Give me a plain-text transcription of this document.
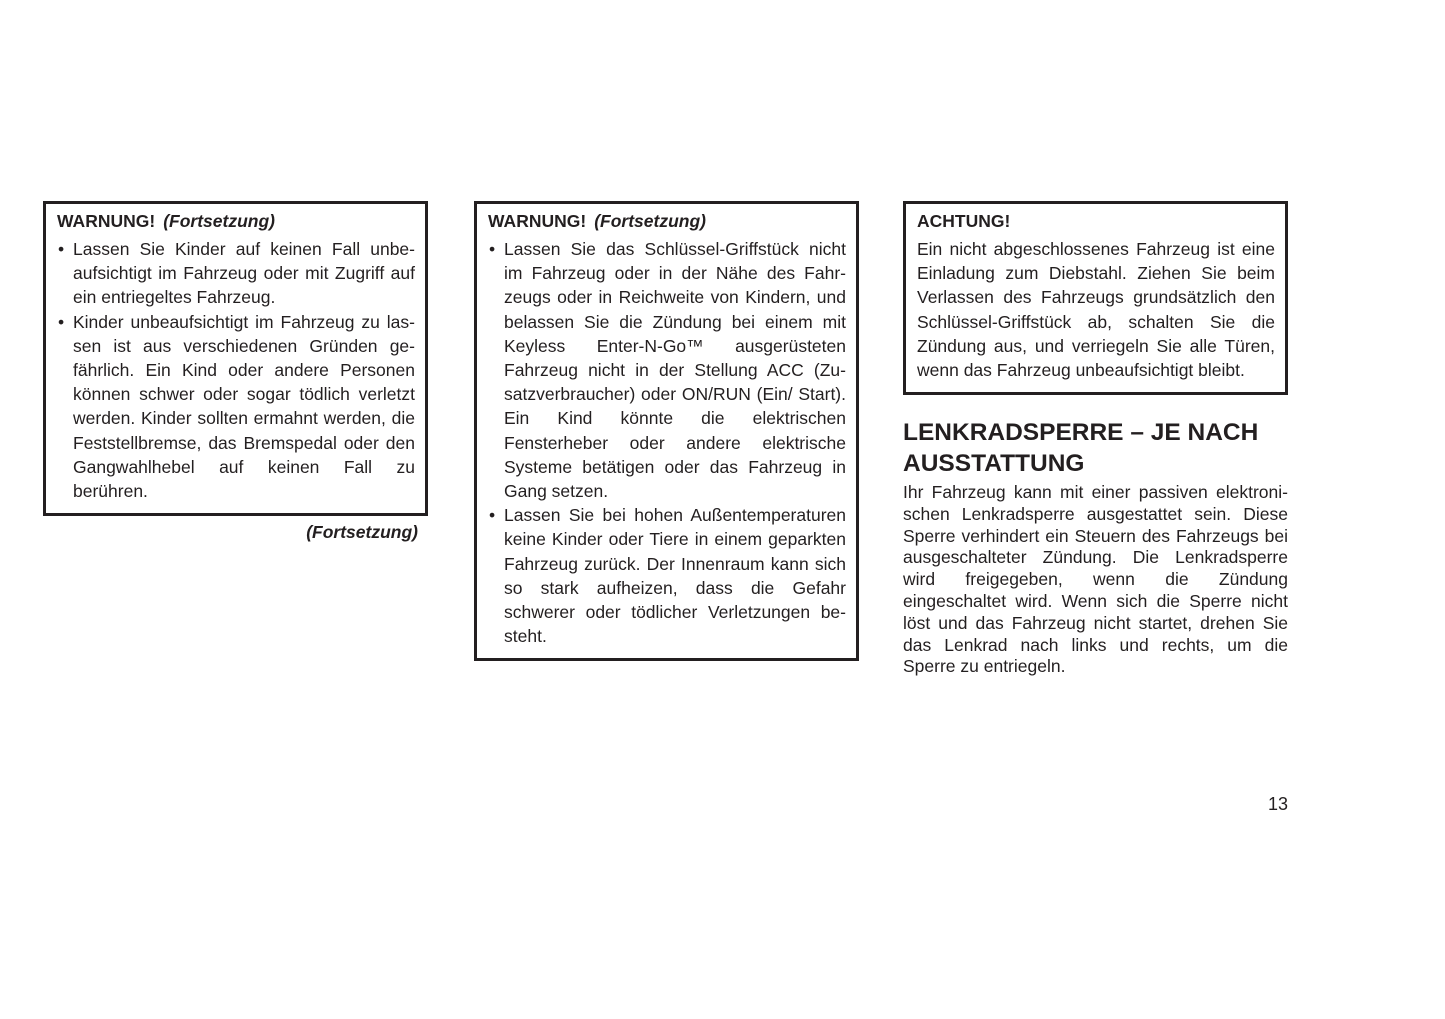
WARNUNG! (Fortsetzung)

• Lassen Sie Kinder auf keinen Fall unbeaufsichtigt im Fahrzeug oder mit Zugriff auf ein entriegeltes Fahrzeug.
• Kinder unbeaufsichtigt im Fahrzeug zu lassen ist aus verschiedenen Gründen gefährlich. Ein Kind oder andere Personen können schwer oder sogar tödlich verletzt werden. Kinder sollten ermahnt werden, die Feststellbremse, das Bremspedal oder den Gangwahlhebel auf keinen Fall zu berühren.
(Fortsetzung)

WARNUNG! (Fortsetzung)

• Lassen Sie das Schlüssel-Griffstück nicht im Fahrzeug oder in der Nähe des Fahrzeugs oder in Reichweite von Kindern, und belassen Sie die Zündung bei einem mit Keyless Enter-N-Go™ ausgerüsteten Fahrzeug nicht in der Stellung ACC (Zusatzverbraucher) oder ON/RUN (Ein/ Start). Ein Kind könnte die elektrischen Fensterheber oder andere elektrische Systeme betätigen oder das Fahrzeug in Gang setzen.
• Lassen Sie bei hohen Außentemperaturen keine Kinder oder Tiere in einem geparkten Fahrzeug zurück. Der Innenraum kann sich so stark aufheizen, dass die Gefahr schwerer oder tödlicher Verletzungen besteht.

ACHTUNG!

Ein nicht abgeschlossenes Fahrzeug ist eine Einladung zum Diebstahl. Ziehen Sie beim Verlassen des Fahrzeugs grundsätzlich den Schlüssel-Griffstück ab, schalten Sie die Zündung aus, und verriegeln Sie alle Türen, wenn das Fahrzeug unbeaufsichtigt bleibt.

LENKRADSPERRE – JE NACH AUSSTATTUNG

Ihr Fahrzeug kann mit einer passiven elektronischen Lenkradsperre ausgestattet sein. Diese Sperre verhindert ein Steuern des Fahrzeugs bei ausgeschalteter Zündung. Die Lenkradsperre wird freigegeben, wenn die Zündung eingeschaltet wird. Wenn sich die Sperre nicht löst und das Fahrzeug nicht startet, drehen Sie das Lenkrad nach links und rechts, um die Sperre zu entriegeln.

13
